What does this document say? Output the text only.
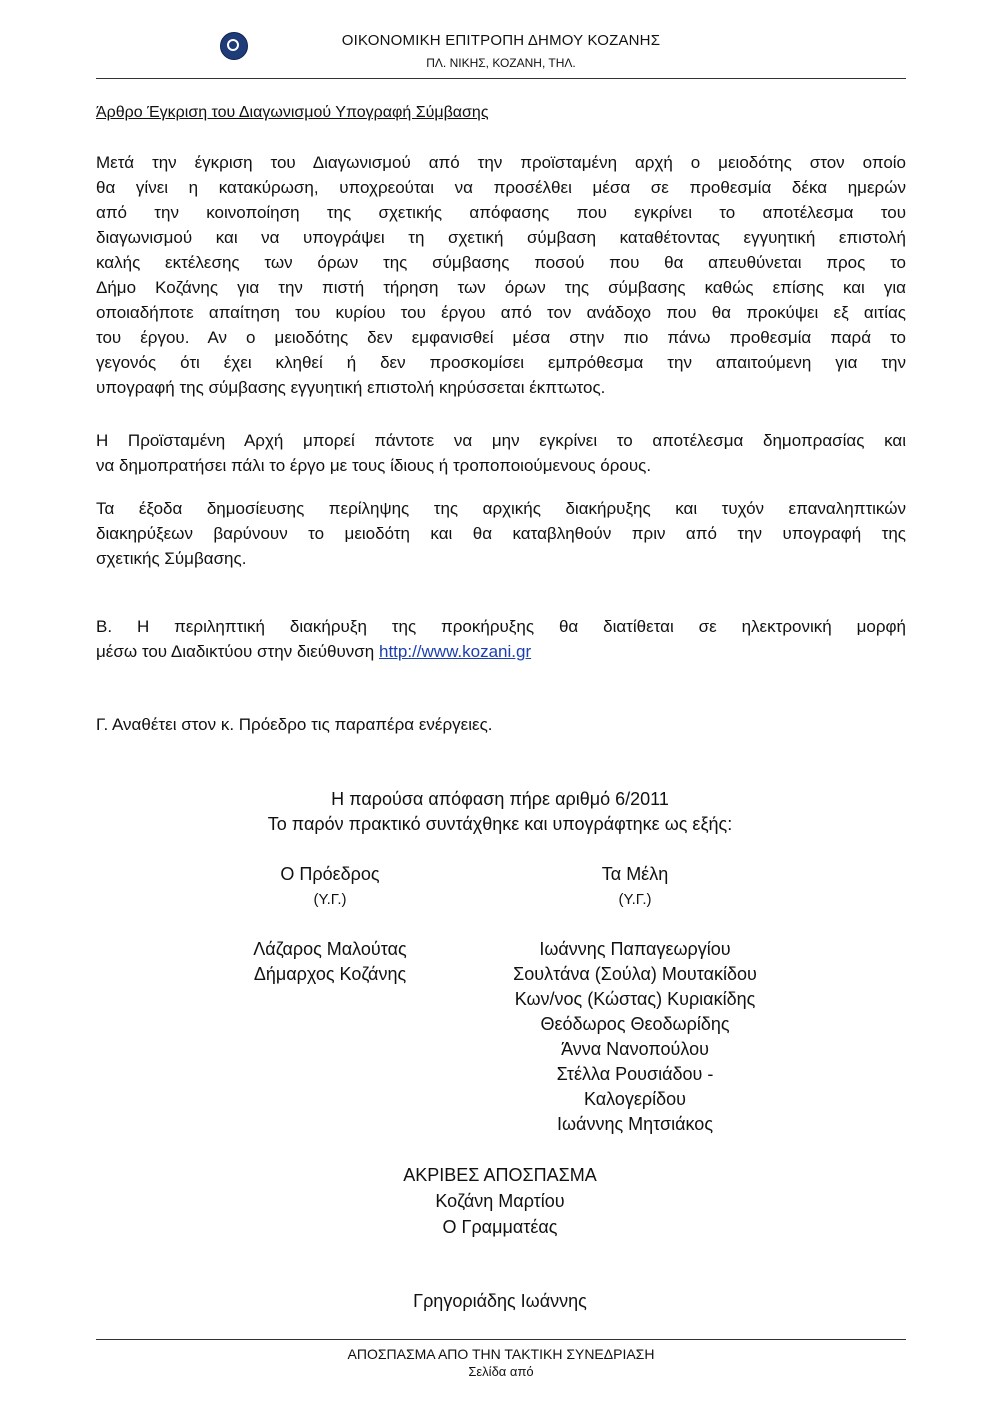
ΟΙΚΟΝΟΜΙΚΗ ΕΠΙΤΡΟΠΗ ΔΗΜΟΥ ΚΟΖΑΝΗΣ
ΠΛ. ΝΙΚΗΣ, ΚΟΖΑΝΗ, ΤΗΛ.
Άρθρο Έγκριση του Διαγωνισμού Υπογραφή Σύμβασης
Μετά την έγκριση του Διαγωνισμού από την προϊσταμένη αρχή ο μειοδότης στον οποίο
θα γίνει η κατακύρωση, υποχρεούται να προσέλθει μέσα σε προθεσμία δέκα ημερών
από την κοινοποίηση της σχετικής απόφασης που εγκρίνει το αποτέλεσμα του
διαγωνισμού και να υπογράψει τη σχετική σύμβαση καταθέτοντας εγγυητική επιστολή
καλής εκτέλεσης των όρων της σύμβασης ποσού που θα απευθύνεται προς το
Δήμο Κοζάνης για την πιστή τήρηση των όρων της σύμβασης καθώς επίσης και για
οποιαδήποτε απαίτηση του κυρίου του έργου από τον ανάδοχο που θα προκύψει εξ αιτίας
του έργου. Αν ο μειοδότης δεν εμφανισθεί μέσα στην πιο πάνω προθεσμία παρά το
γεγονός ότι έχει κληθεί ή δεν προσκομίσει εμπρόθεσμα την απαιτούμενη για την
υπογραφή της σύμβασης εγγυητική επιστολή κηρύσσεται έκπτωτος.
Η Προϊσταμένη Αρχή μπορεί πάντοτε να μην εγκρίνει το αποτέλεσμα δημοπρασίας και
να δημοπρατήσει πάλι το έργο με τους ίδιους ή τροποποιούμενους όρους.
Τα έξοδα δημοσίευσης περίληψης της αρχικής διακήρυξης και τυχόν επαναληπτικών
διακηρύξεων βαρύνουν το μειοδότη και θα καταβληθούν πριν από την υπογραφή της
σχετικής Σύμβασης.
Β. Η περιληπτική διακήρυξη της προκήρυξης θα διατίθεται σε ηλεκτρονική μορφή
μέσω του Διαδικτύου στην διεύθυνση http://www.kozani.gr
Γ. Αναθέτει στον κ. Πρόεδρο τις παραπέρα ενέργειες.
Η παρούσα απόφαση πήρε αριθμό 6/2011
Το παρόν πρακτικό συντάχθηκε και υπογράφτηκε ως εξής:
Ο Πρόεδρος
(Υ.Γ.)
Λάζαρος Μαλούτας
Δήμαρχος Κοζάνης
Τα Μέλη
(Υ.Γ.)
Ιωάννης Παπαγεωργίου
Σουλτάνα (Σούλα) Μουτακίδου
Κων/νος (Κώστας) Κυριακίδης
Θεόδωρος Θεοδωρίδης
Άννα Νανοπούλου
Στέλλα Ρουσιάδου -
Καλογερίδου
Ιωάννης Μητσιάκος
ΑΚΡΙΒΕΣ ΑΠΟΣΠΑΣΜΑ
Κοζάνη Μαρτίου
Ο Γραμματέας
Γρηγοριάδης Ιωάννης
ΑΠΟΣΠΑΣΜΑ ΑΠΟ ΤΗΝ ΤΑΚΤΙΚΗ ΣΥΝΕΔΡΙΑΣΗ
Σελίδα από
